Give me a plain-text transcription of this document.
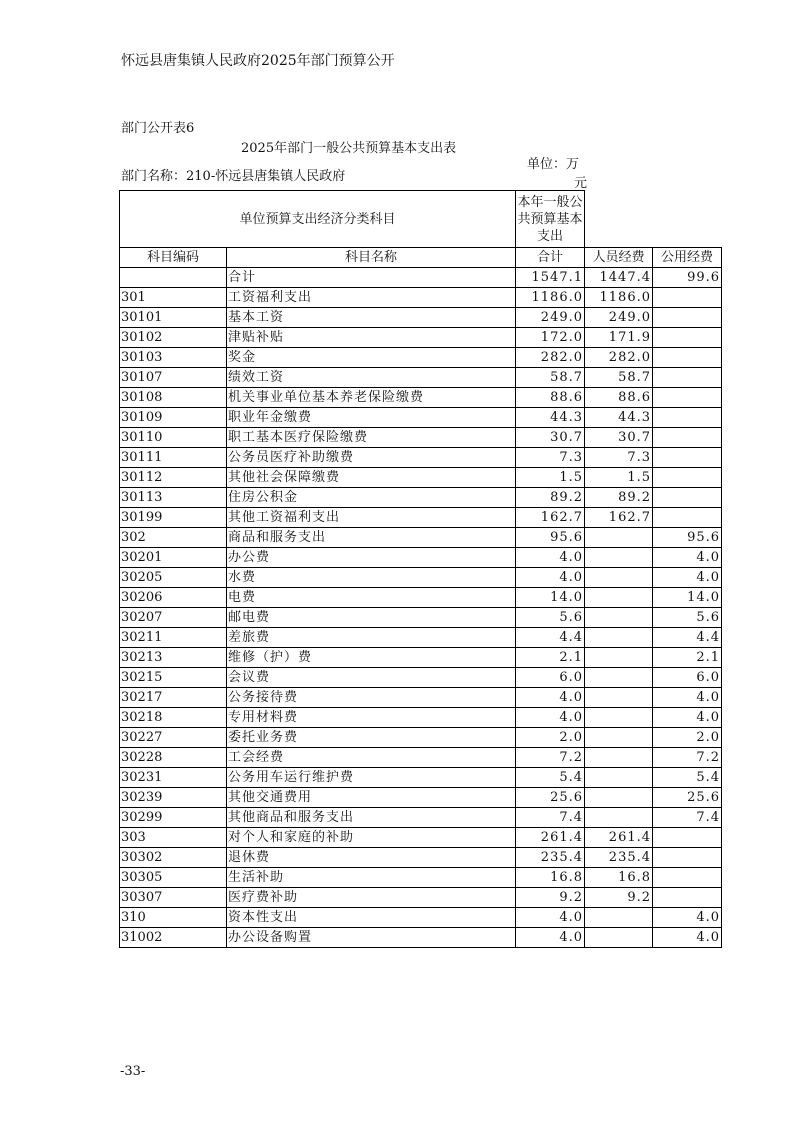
怀远县唐集镇人民政府2025年部门预算公开
部门公开表6
2025年部门一般公共预算基本支出表
部门名称：210-怀远县唐集镇人民政府
单位：万
元
单位预算支出经济分类科目		本年一般公共预算基本支出		
科目编码	科目名称	合计	人员经费	公用经费
	合计	1547.1	1447.4	99.6
301	工资福利支出	1186.0	1186.0	
30101	基本工资	249.0	249.0	
30102	津贴补贴	172.0	171.9	
30103	奖金	282.0	282.0	
30107	绩效工资	58.7	58.7	
30108	机关事业单位基本养老保险缴费	88.6	88.6	
30109	职业年金缴费	44.3	44.3	
30110	职工基本医疗保险缴费	30.7	30.7	
30111	公务员医疗补助缴费	7.3	7.3	
30112	其他社会保障缴费	1.5	1.5	
30113	住房公积金	89.2	89.2	
30199	其他工资福利支出	162.7	162.7	
302	商品和服务支出	95.6		95.6
30201	办公费	4.0		4.0
30205	水费	4.0		4.0
30206	电费	14.0		14.0
30207	邮电费	5.6		5.6
30211	差旅费	4.4		4.4
30213	维修（护）费	2.1		2.1
30215	会议费	6.0		6.0
30217	公务接待费	4.0		4.0
30218	专用材料费	4.0		4.0
30227	委托业务费	2.0		2.0
30228	工会经费	7.2		7.2
30231	公务用车运行维护费	5.4		5.4
30239	其他交通费用	25.6		25.6
30299	其他商品和服务支出	7.4		7.4
303	对个人和家庭的补助	261.4	261.4	
30302	退休费	235.4	235.4	
30305	生活补助	16.8	16.8	
30307	医疗费补助	9.2	9.2	
310	资本性支出	4.0		4.0
31002	办公设备购置	4.0		4.0
-33-
